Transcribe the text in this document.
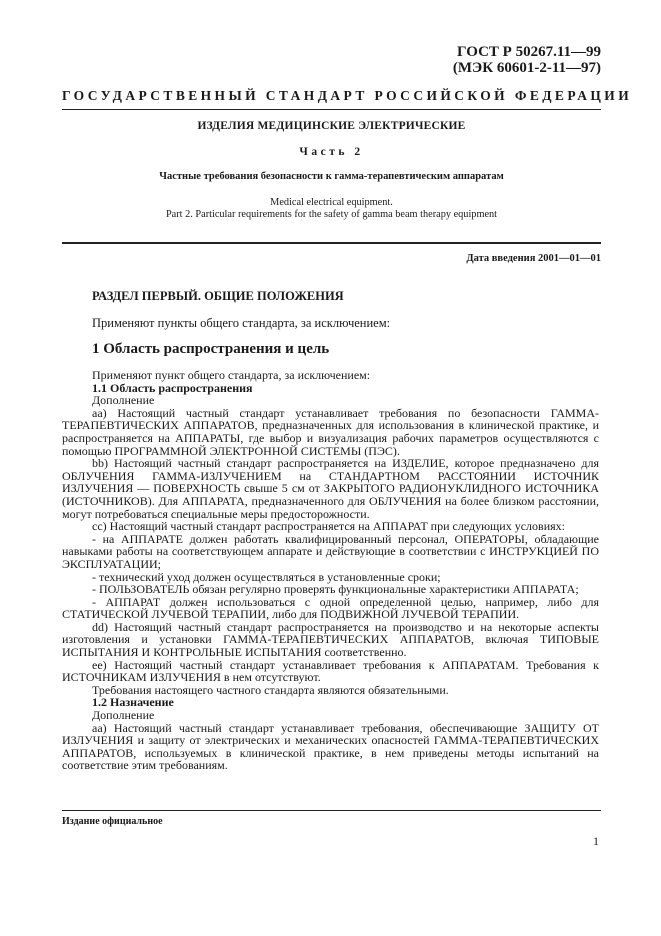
ГОСТ Р 50267.11—99
(МЭК 60601-2-11—97)
ГОСУДАРСТВЕННЫЙ СТАНДАРТ РОССИЙСКОЙ ФЕДЕРАЦИИ
ИЗДЕЛИЯ МЕДИЦИНСКИЕ ЭЛЕКТРИЧЕСКИЕ
Часть 2
Частные требования безопасности к гамма-терапевтическим аппаратам
Medical electrical equipment.
Part 2. Particular requirements for the safety of gamma beam therapy equipment
Дата введения 2001—01—01
РАЗДЕЛ ПЕРВЫЙ. ОБЩИЕ ПОЛОЖЕНИЯ
Применяют пункты общего стандарта, за исключением:
1 Область распространения и цель

Применяют пункт общего стандарта, за исключением:

1.1 Область распространения

Дополнение

аа) Настоящий частный стандарт устанавливает требования по безопасности ГАММА-ТЕРАПЕВТИЧЕСКИХ АППАРАТОВ, предназначенных для использования в клинической практике, и распространяется на АППАРАТЫ, где выбор и визуализация рабочих параметров осуществляются с помощью ПРОГРАММНОЙ ЭЛЕКТРОННОЙ СИСТЕМЫ (ПЭС).

bb) Настоящий частный стандарт распространяется на ИЗДЕЛИЕ, которое предназначено для ОБЛУЧЕНИЯ ГАММА-ИЗЛУЧЕНИЕМ на СТАНДАРТНОМ РАССТОЯНИИ ИСТОЧНИК ИЗЛУЧЕНИЯ — ПОВЕРХНОСТЬ свыше 5 см от ЗАКРЫТОГО РАДИОНУКЛИДНОГО ИСТОЧНИКА (ИСТОЧНИКОВ). Для АППАРАТА, предназначенного для ОБЛУЧЕНИЯ на более близком расстоянии, могут потребоваться специальные меры предосторожности.

сс) Настоящий частный стандарт распространяется на АППАРАТ при следующих условиях:

- на АППАРАТЕ должен работать квалифицированный персонал, ОПЕРАТОРЫ, обладающие навыками работы на соответствующем аппарате и действующие в соответствии с ИНСТРУКЦИЕЙ ПО ЭКСПЛУАТАЦИИ;

- технический уход должен осуществляться в установленные сроки;

- ПОЛЬЗОВАТЕЛЬ обязан регулярно проверять функциональные характеристики АППАРАТА;

- АППАРАТ должен использоваться с одной определенной целью, например, либо для СТАТИЧЕСКОЙ ЛУЧЕВОЙ ТЕРАПИИ, либо для ПОДВИЖНОЙ ЛУЧЕВОЙ ТЕРАПИИ.

dd) Настоящий частный стандарт распространяется на производство и на некоторые аспекты изготовления и установки ГАММА-ТЕРАПЕВТИЧЕСКИХ АППАРАТОВ, включая ТИПОВЫЕ ИСПЫТАНИЯ И КОНТРОЛЬНЫЕ ИСПЫТАНИЯ соответственно.

ее) Настоящий частный стандарт устанавливает требования к АППАРАТАМ. Требования к ИСТОЧНИКАМ ИЗЛУЧЕНИЯ в нем отсутствуют.

Требования настоящего частного стандарта являются обязательными.

1.2 Назначение

Дополнение

аа) Настоящий частный стандарт устанавливает требования, обеспечивающие ЗАЩИТУ ОТ ИЗЛУЧЕНИЯ и защиту от электрических и механических опасностей ГАММА-ТЕРАПЕВТИЧЕСКИХ АППАРАТОВ, используемых в клинической практике, в нем приведены методы испытаний на соответствие этим требованиям.

Издание официальное
1
